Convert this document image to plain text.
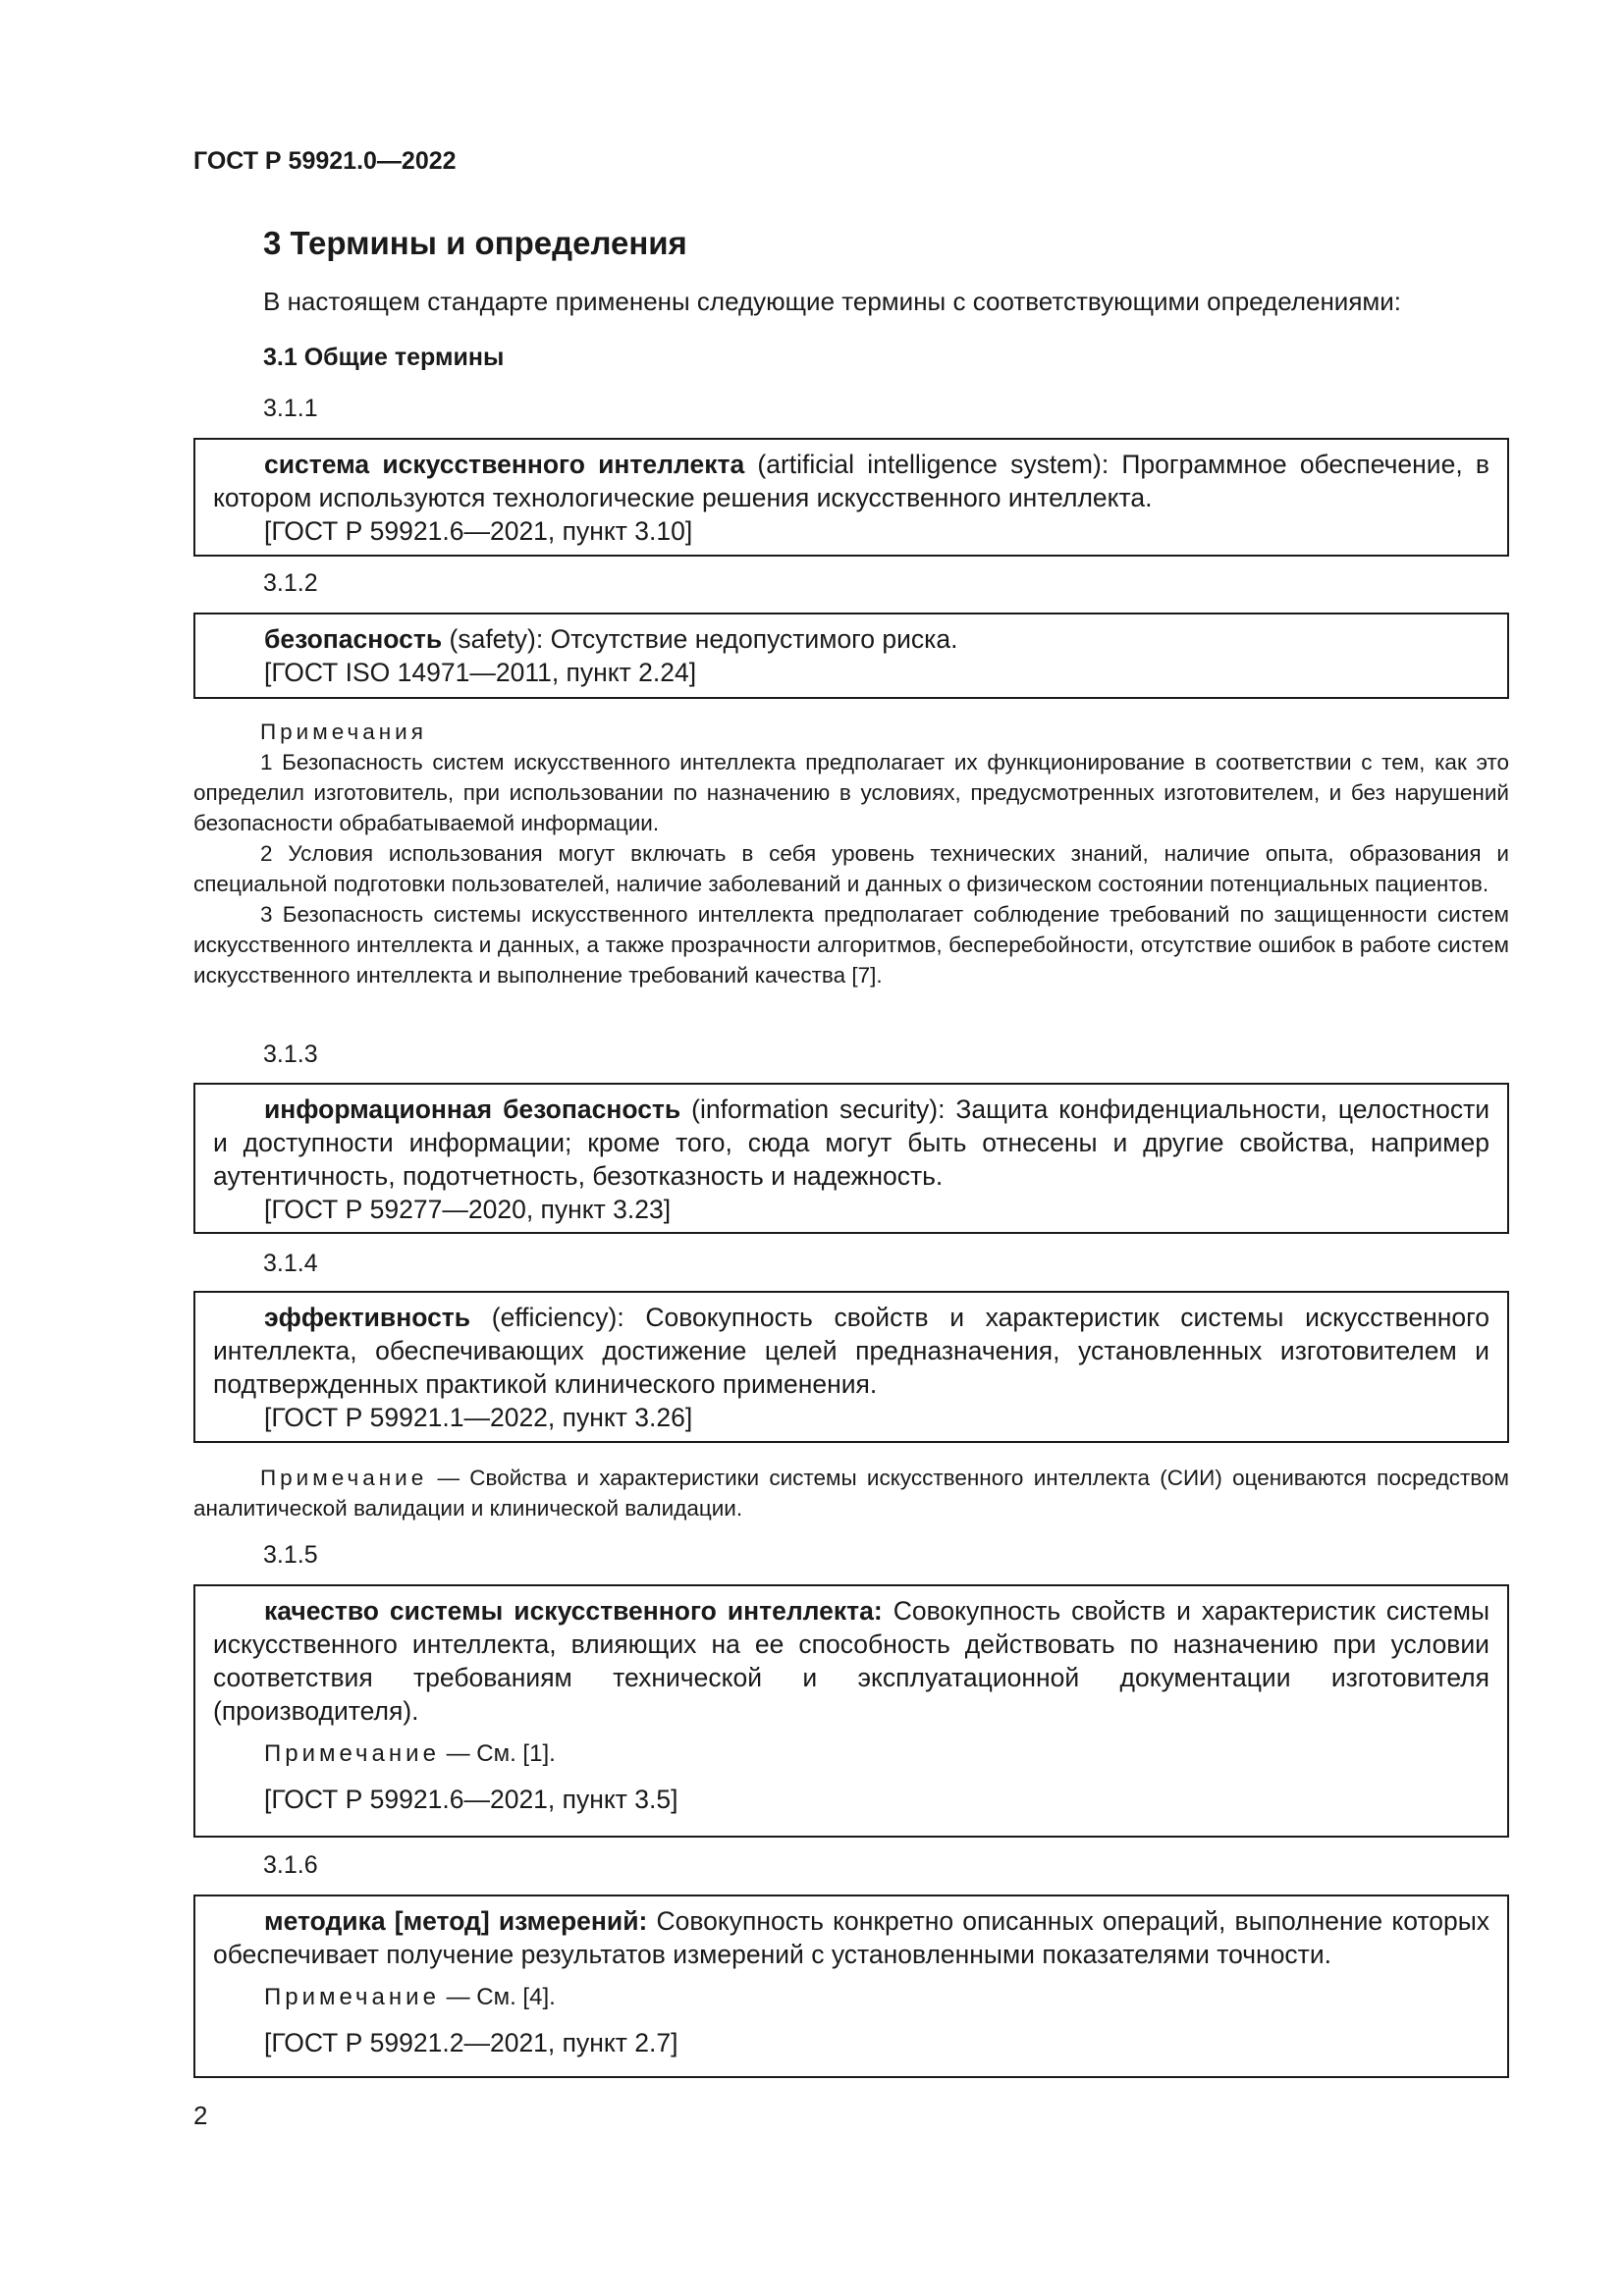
ГОСТ Р 59921.0—2022
3 Термины и определения
В настоящем стандарте применены следующие термины с соответствующими определениями:
3.1 Общие термины
3.1.1

система искусственного интеллекта (artificial intelligence system): Программное обеспечение, в котором используются технологические решения искусственного интеллекта.

[ГОСТ Р 59921.6—2021, пункт 3.10]

3.1.2

безопасность (safety): Отсутствие недопустимого риска.

[ГОСТ ISO 14971—2011, пункт 2.24]

Примечания

1 Безопасность систем искусственного интеллекта предполагает их функционирование в соответствии с тем, как это определил изготовитель, при использовании по назначению в условиях, предусмотренных изготовителем, и без нарушений безопасности обрабатываемой информации.

2 Условия использования могут включать в себя уровень технических знаний, наличие опыта, образования и специальной подготовки пользователей, наличие заболеваний и данных о физическом состоянии потенциальных пациентов.

3 Безопасность системы искусственного интеллекта предполагает соблюдение требований по защищенности систем искусственного интеллекта и данных, а также прозрачности алгоритмов, бесперебойности, отсутствие ошибок в работе систем искусственного интеллекта и выполнение требований качества [7].

3.1.3

информационная безопасность (information security): Защита конфиденциальности, целостности и доступности информации; кроме того, сюда могут быть отнесены и другие свойства, например аутентичность, подотчетность, безотказность и надежность.

[ГОСТ Р 59277—2020, пункт 3.23]

3.1.4

эффективность (efficiency): Совокупность свойств и характеристик системы искусственного интеллекта, обеспечивающих достижение целей предназначения, установленных изготовителем и подтвержденных практикой клинического применения.

[ГОСТ Р 59921.1—2022, пункт 3.26]

Примечание — Свойства и характеристики системы искусственного интеллекта (СИИ) оцениваются посредством аналитической валидации и клинической валидации.

3.1.5

качество системы искусственного интеллекта: Совокупность свойств и характеристик системы искусственного интеллекта, влияющих на ее способность действовать по назначению при условии соответствия требованиям технической и эксплуатационной документации изготовителя (производителя).

Примечание — См. [1].

[ГОСТ Р 59921.6—2021, пункт 3.5]

3.1.6

методика [метод] измерений: Совокупность конкретно описанных операций, выполнение которых обеспечивает получение результатов измерений с установленными показателями точности.

Примечание — См. [4].

[ГОСТ Р 59921.2—2021, пункт 2.7]

2
